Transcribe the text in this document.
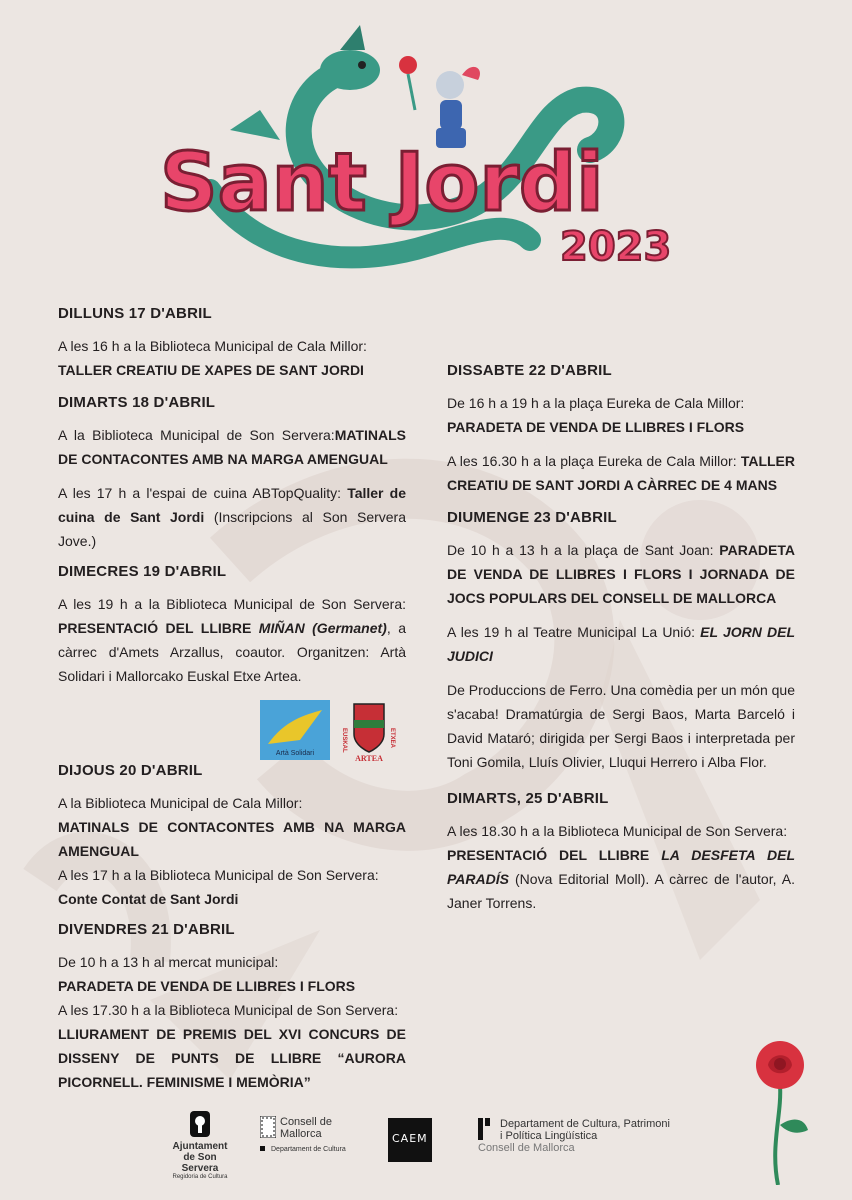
Sant Jordi
2023
DILLUNS 17 D'ABRIL

A les 16 h a la Biblioteca Municipal de Cala Millor:
TALLER CREATIU DE XAPES DE SANT JORDI

DIMARTS 18 D'ABRIL

A la Biblioteca Municipal de Son Servera:MATINALS DE CONTACONTES AMB NA MARGA AMENGUAL

A les 17 h a l'espai de cuina ABTopQuality: Taller de cuina de Sant Jordi (Inscripcions al Son Servera Jove.)

DIMECRES 19 D'ABRIL

A les 19 h a la Biblioteca Municipal de Son Servera: PRESENTACIÓ DEL LLIBRE MIÑAN (Germanet), a càrrec d'Amets Arzallus, coautor. Organitzen: Artà Solidari i Mallorcako Euskal Etxe Artea.

Artà Solidari
EUSKAL	ETXEA
ARTEA
DIJOUS 20 D'ABRIL

A la Biblioteca Municipal de Cala Millor:
MATINALS DE CONTACONTES AMB NA MARGA AMENGUAL

A les 17 h a la Biblioteca Municipal de Son Servera:
Conte Contat de Sant Jordi

DIVENDRES 21 D'ABRIL

De 10 h a 13 h al mercat municipal:
PARADETA DE VENDA DE LLIBRES I FLORS

A les 17.30 h a la Biblioteca Municipal de Son Servera:
LLIURAMENT DE PREMIS DEL XVI CONCURS DE DISSENY DE PUNTS DE LLIBRE “AURORA PICORNELL. FEMINISME I MEMÒRIA”

DISSABTE 22 D'ABRIL

De 16 h a 19 h a la plaça Eureka de Cala Millor:
PARADETA DE VENDA DE LLIBRES I FLORS

A les 16.30 h a la plaça Eureka de Cala Millor: TALLER CREATIU DE SANT JORDI A CÀRREC DE 4 MANS

DIUMENGE 23 D'ABRIL

De 10 h a 13 h a la plaça de Sant Joan: PARADETA DE VENDA DE LLIBRES I FLORS I JORNADA DE JOCS POPULARS DEL CONSELL DE MALLORCA

A les 19 h al Teatre Municipal La Unió: EL JORN DEL JUDICI

De Produccions de Ferro. Una comèdia per un món que s'acaba! Dramatúrgia de Sergi Baos, Marta Barceló i David Mataró; dirigida per Sergi Baos i interpretada per Toni Gomila, Lluís Olivier, Lluqui Herrero i Alba Flor.

DIMARTS, 25 D'ABRIL

A les 18.30 h a la Biblioteca Municipal de Son Servera:
PRESENTACIÓ DEL LLIBRE LA DESFETA DEL PARADÍS (Nova Editorial Moll). A càrrec de l'autor, A. Janer Torrens.

Ajuntament
de Son Servera
Regidoria de Cultura
Consell de
Mallorca
Departament de Cultura
CAEM
Departament de Cultura, Patrimoni
i Política Lingüística
Consell de Mallorca
